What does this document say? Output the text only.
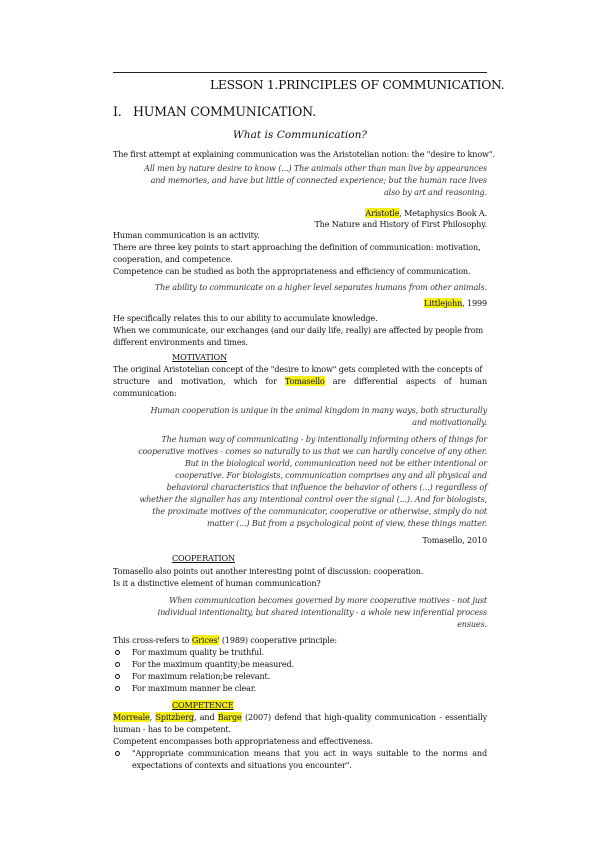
LESSON 1.PRINCIPLES OF COMMUNICATION.
I.   HUMAN COMMUNICATION.
What is Communication?
The first attempt at explaining communication was the Aristotelian notion: the "desire to know".
All men by nature desire to know (...) The animals other than man live by appearances
and memories, and have but little of connected experience; but the human race lives
also by art and reasoning.
Aristotle, Metaphysics Book A.
The Nature and History of First Philosophy.
Human communication is an activity.
There are three key points to start approaching the definition of communication: motivation,
cooperation, and competence.
Competence can be studied as both the appropriateness and efficiency of communication.
The ability to communicate on a higher level separates humans from other animals.
Littlejohn, 1999
He specifically relates this to our ability to accumulate knowledge.
When we communicate, our exchanges (and our daily life, really) are affected by people from
different environments and times.
MOTIVATION
The original Aristotelian concept of the "desire to know" gets completed with the concepts of
structure and motivation, which for Tomasello are differential aspects of human
communication:
Human cooperation is unique in the animal kingdom in many ways, both structurally
and motivationally.
The human way of communicating - by intentionally informing others of things for
cooperative motives - comes so naturally to us that we can hardly conceive of any other.
But in the biological world, communication need not be either intentional or
cooperative. For biologists, communication comprises any and all physical and
behavioral characteristics that influence the behavior of others (...) regardless of
whether the signaller has any intentional control over the signal (...). And for biologists,
the proximate motives of the communicator, cooperative or otherwise, simply do not
matter (...) But from a psychological point of view, these things matter.
Tomasello, 2010
COOPERATION
Tomasello also points out another interesting point of discussion: cooperation.
Is it a distinctive element of human communication?
When communication becomes governed by more cooperative motives - not just
individual intentionality, but shared intentionality - a whole new inferential process
ensues.
This cross-refers to Grices' (1989) cooperative principle:
For maximum quality be truthful.
For the maximum quantity;be measured.
For maximum relation;be relevant.
For maximum manner be clear.
COMPETENCE
Morreale, Spitzberg, and Barge (2007) defend that high-quality communication - essentially
human - has to be competent.
Competent encompasses both appropriateness and effectiveness.
"Appropriate communication means that you act in ways suitable to the norms and
expectations of contexts and situations you encounter".
